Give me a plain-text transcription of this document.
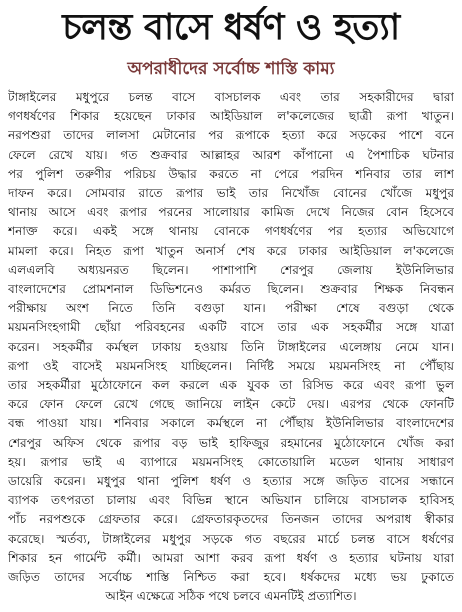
চলন্ত বাসে ধর্ষণ ও হত্যা
অপরাধীদের সর্বোচ্চ শাস্তি কাম্য
টাঙ্গাইলের মধুপুরে চলন্ত বাসে বাসচালক এবং তার সহকারীদের দ্বারা
গণধর্ষণের শিকার হয়েছেন ঢাকার আইডিয়াল ল'কলেজের ছাত্রী রূপা খাতুন।
নরপশুরা তাদের লালসা মেটানোর পর রূপাকে হত্যা করে সড়কের পাশে বনে
ফেলে রেখে যায়। গত শুক্রবার আল্লাহর আরশ কাঁপানো এ পৈশাচিক ঘটনার
পর পুলিশ তরুণীর পরিচয় উদ্ধার করতে না পেরে পরদিন শনিবার তার লাশ
দাফন করে। সোমবার রাতে রূপার ভাই তার নিখোঁজ বোনের খোঁজে মধুপুর
থানায় আসে এবং রূপার পরনের সালোয়ার কামিজ দেখে নিজের বোন হিসেবে
শনাক্ত করে। একই সঙ্গে থানায় বোনকে গণধর্ষণের পর হত্যার অভিযোগে
মামলা করে। নিহত রূপা খাতুন অনার্স শেষ করে ঢাকার আইডিয়াল ল'কলেজে
এলএলবি অধ্যয়নরত ছিলেন। পাশাপাশি শেরপুর জেলায় ইউনিলিভার
বাংলাদেশের প্রোমশনাল ডিভিশনেও কর্মরত ছিলেন। শুক্রবার শিক্ষক নিবন্ধন
পরীক্ষায় অংশ নিতে তিনি বগুড়া যান। পরীক্ষা শেষে বগুড়া থেকে
ময়মনসিংহগামী ছোঁয়া পরিবহনের একটি বাসে তার এক সহকর্মীর সঙ্গে যাত্রা
করেন। সহকর্মীর কর্মস্থল ঢাকায় হওয়ায় তিনি টাঙ্গাইলের এলেঙ্গায় নেমে যান।
রূপা ওই বাসেই ময়মনসিংহ যাচ্ছিলেন। নির্দিষ্ট সময়ে ময়মনসিংহ না পৌঁছায়
তার সহকর্মীরা মুঠোফোনে কল করলে এক যুবক তা রিসিভ করে এবং রূপা ভুল
করে ফোন ফেলে রেখে গেছে জানিয়ে লাইন কেটে দেয়। এরপর থেকে ফোনটি
বন্ধ পাওয়া যায়। শনিবার সকালে কর্মস্থলে না পৌঁছায় ইউনিলিভার বাংলাদেশের
শেরপুর অফিস থেকে রূপার বড় ভাই হাফিজুর রহমানের মুঠোফোনে খোঁজ করা
হয়। রূপার ভাই এ ব্যাপারে ময়মনসিংহ কোতোয়ালি মডেল থানায় সাধারণ
ডায়েরি করেন। মধুপুর থানা পুলিশ ধর্ষণ ও হত্যার সঙ্গে জড়িত বাসের সন্ধানে
ব্যাপক তৎপরতা চালায় এবং বিভিন্ন স্থানে অভিযান চালিয়ে বাসচালক হাবিসহ
পাঁচ নরপশুকে গ্রেফতার করে। গ্রেফতারকৃতদের তিনজন তাদের অপরাধ স্বীকার
করেছে। স্মর্তব্য, টাঙ্গাইলের মধুপুর সড়কে গত বছরের মার্চে চলন্ত বাসে ধর্ষণের
শিকার হন গার্মেন্ট কর্মী। আমরা আশা করব রূপা ধর্ষণ ও হত্যার ঘটনায় যারা
জড়িত তাদের সর্বোচ্চ শাস্তি নিশ্চিত করা হবে। ধর্ষকদের মধ্যে ভয় ঢুকাতে
আইন এক্ষেত্রে সঠিক পথে চলবে এমনটিই প্রত্যাশিত।
